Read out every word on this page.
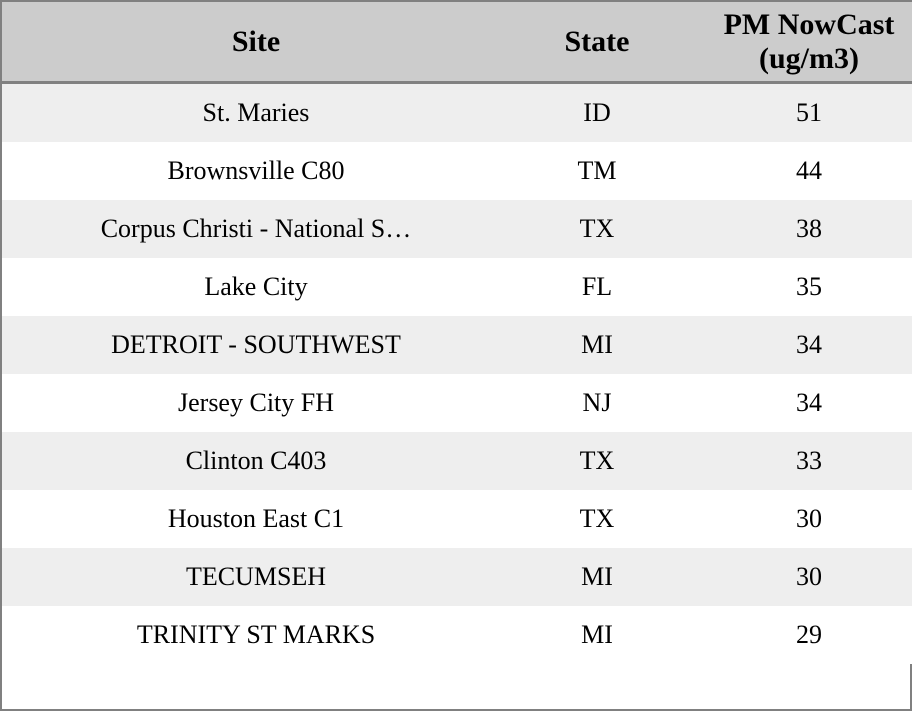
Site	State	PM NowCast (ug/m3)
St. Maries	ID	51
Brownsville C80	TM	44
Corpus Christi - National S…	TX	38
Lake City	FL	35
DETROIT - SOUTHWEST	MI	34
Jersey City FH	NJ	34
Clinton C403	TX	33
Houston East C1	TX	30
TECUMSEH	MI	30
TRINITY ST MARKS	MI	29
